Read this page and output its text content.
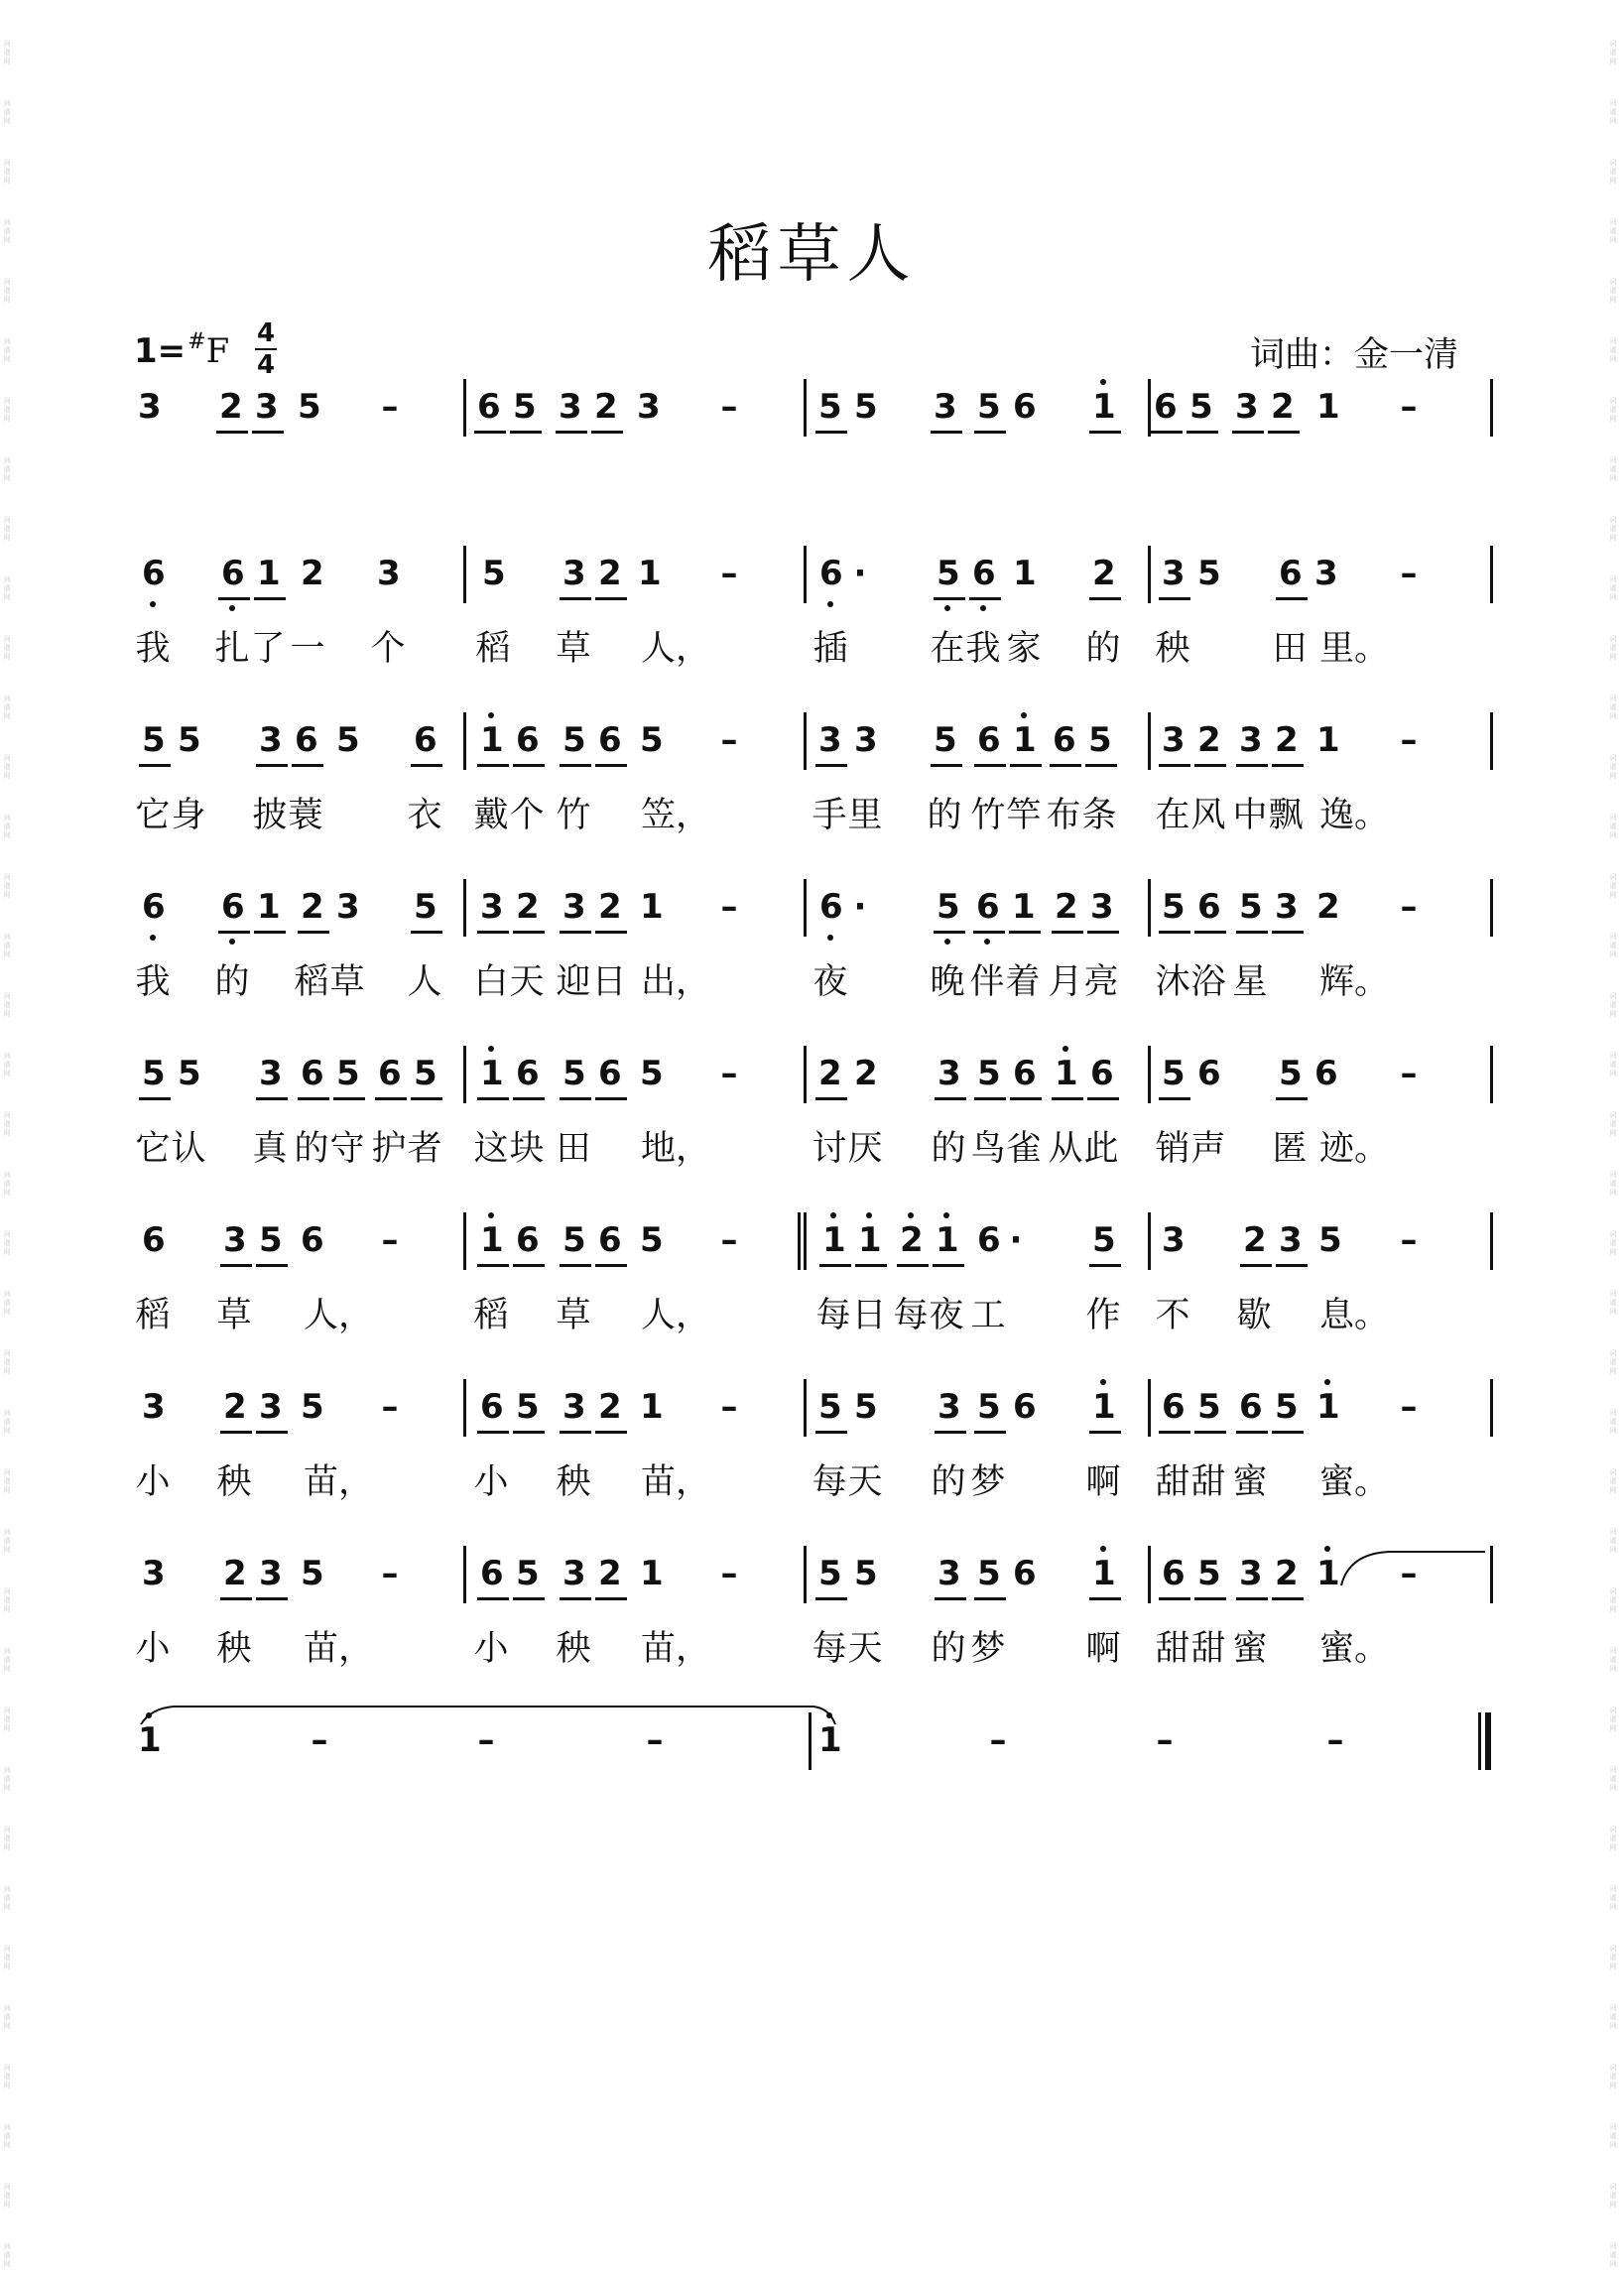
词
谱
网
词
谱
网
词
谱
网
词
谱
网
词
谱
网
词
谱
网
词
谱
网
词
谱
网
词
谱
网
词
谱
网
词
谱
网
词
谱
网
词
谱
网
词
谱
网
词
谱
网
词
谱
网
词
谱
网
词
谱
网
词
谱
网
词
谱
网
词
谱
网
词
谱
网
词
谱
网
词
谱
网
词
谱
网
词
谱
网
词
谱
网
词
谱
网
词
谱
网
词
谱
网
词
谱
网
词
谱
网
词
谱
网
词
谱
网
词
谱
网
词
谱
网
词
谱
网
词
谱
网
词
谱
网
词
谱
网
词
谱
网
词
谱
网
词
谱
网
词
谱
网
词
谱
网
词
谱
网
词
谱
网
词
谱
网
词
谱
网
词
谱
网
词
谱
网
词
谱
网
词
谱
网
词
谱
网
词
谱
网
词
谱
网
词
谱
网
词
谱
网
词
谱
网
词
谱
网
词
谱
网
词
谱
网
词
谱
网
词
谱
网
词
谱
网
词
谱
网
词
谱
网
词
谱
网
词
谱
网
词
谱
网
词
谱
网
词
谱
网
词
谱
网
词
谱
网
词
谱
网
词
谱
网
稻草人
1=#F 4
4	词曲：金一清
3 2 3 5 – 6 5 3 2 3 – 5 5 3 5 6 1 6 5 3 2 1 –
6 6 1 2 3 5 3 2 1 – 6 · 5 6 1 2 3 5 6 3 –
我 扎 了 一 个 稻 草 人，	插 在 我 家 的 秧 田 里。
5 5 3 6 5 6 1 6 5 6 5 – 3 3 5 6 1 6 5 3 2 3 2 1 –
它 身 披 蓑 衣 戴 个 竹 笠，	手 里 的 竹 竿 布 条 在 风 中 飘 逸。
6 6 1 2 3 5 3 2 3 2 1 – 6 · 5 6 1 2 3 5 6 5 3 2 –
我 的 稻 草 人 白 天 迎 日 出，	夜 晚 伴 着 月 亮 沐 浴 星 辉。
5 5 3 6 5 6 5 1 6 5 6 5 – 2 2 3 5 6 1 6 5 6 5 6 –
它 认 真 的 守 护 者 这 块 田 地，	讨 厌 的 鸟 雀 从 此 销 声 匿 迹。
6 3 5 6 – 1 6 5 6 5 –	1 1 2 1 6 · 5 3 2 3 5 –
稻 草 人，	稻 草 人，	每 日 每 夜 工 作 不 歇 息。
3 2 3 5 – 6 5 3 2 1 – 5 5 3 5 6 1 6 5 6 5 1 –
小 秧 苗，	小 秧 苗，	每 天 的 梦 啊 甜 甜 蜜 蜜。
3 2 3 5 – 6 5 3 2 1 – 5 5 3 5 6 1 6 5 3 2 1 –
小 秧 苗，	小 秧 苗，	每 天 的 梦 啊 甜 甜 蜜 蜜。
1	–	–	–	1	–	–	–
